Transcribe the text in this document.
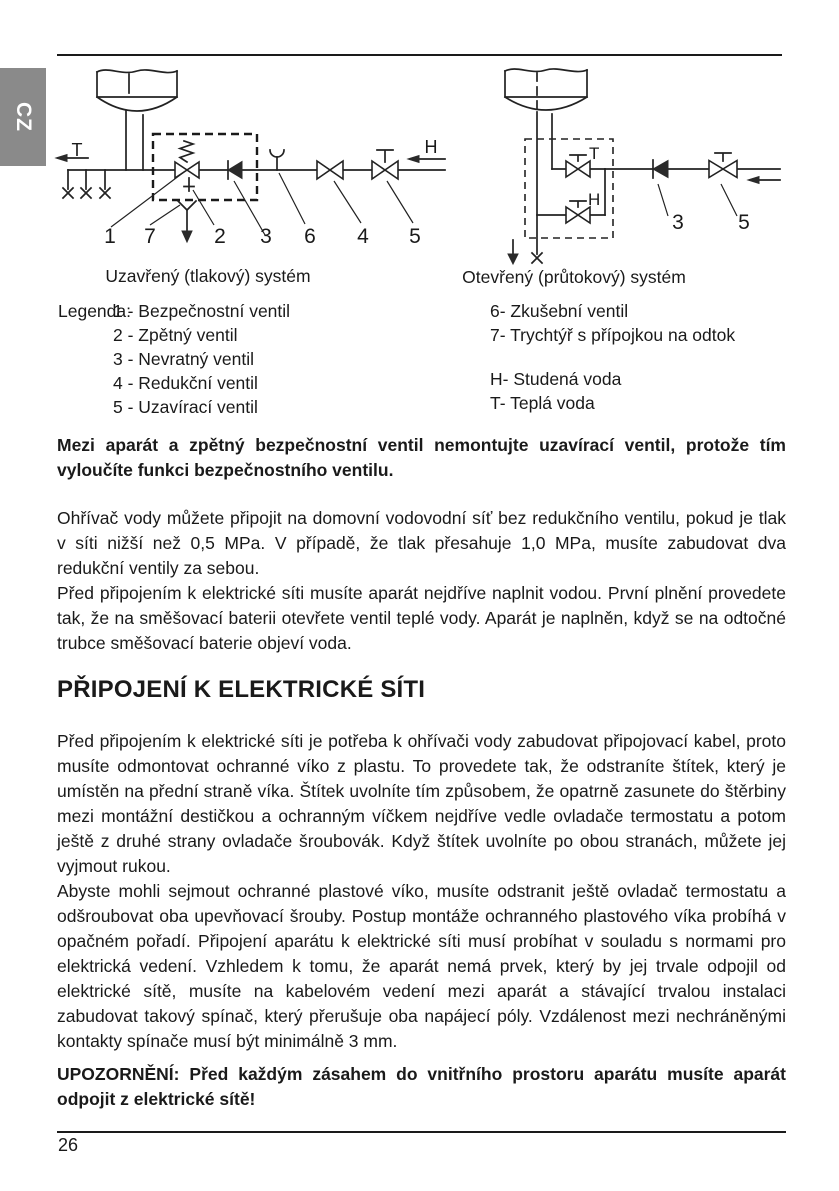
CZ
T	H
1 7	2 3 6 4 5
Uzavřený (tlakový) systém
T
H
3	5
Otevřený (průtokový) systém
Legenda:
1 - Bezpečnostní ventil
2 - Zpětný ventil
3 - Nevratný ventil
4 - Redukční ventil
5 - Uzavírací ventil
6- Zkušební ventil
7- Trychtýř s přípojkou na odtok
H- Studená voda
T- Teplá voda

Mezi aparát a zpětný bezpečnostní ventil nemontujte uzavírací ventil, protože tím vyloučíte funkci bezpečnostního ventilu.

Ohřívač vody můžete připojit na domovní vodovodní síť bez redukčního ventilu, pokud je tlak v síti nižší než 0,5 MPa. V případě, že tlak přesahuje 1,0 MPa, musíte zabudovat dva redukční ventily za sebou.

Před připojením k elektrické síti musíte aparát nejdříve naplnit vodou. První plnění provedete tak, že na směšovací baterii otevřete ventil teplé vody. Aparát je naplněn, když se na odtočné trubce směšovací baterie objeví voda.

PŘIPOJENÍ K ELEKTRICKÉ SÍTI

Před připojením k elektrické síti je potřeba k ohřívači vody zabudovat připojovací kabel, proto musíte odmontovat ochranné víko z plastu. To provedete tak, že odstraníte štítek, který je umístěn na přední straně víka. Štítek uvolníte tím způsobem, že opatrně zasunete do štěrbiny mezi montážní destičkou a ochranným víčkem nejdříve vedle ovladače termostatu a potom ještě z druhé strany ovladače šroubovák. Když štítek uvolníte po obou stranách, můžete jej vyjmout rukou.

Abyste mohli sejmout ochranné plastové víko, musíte odstranit ještě ovladač termostatu a odšroubovat oba upevňovací šrouby. Postup montáže ochranného plastového víka probíhá v opačném pořadí. Připojení aparátu k elektrické síti musí probíhat v souladu s normami pro elektrická vedení. Vzhledem k tomu, že aparát nemá prvek, který by jej trvale odpojil od elektrické sítě, musíte na kabelovém vedení mezi aparát a stávající trvalou instalaci zabudovat takový spínač, který přerušuje oba napájecí póly. Vzdálenost mezi nechráněnými kontakty spínače musí být minimálně 3 mm.

UPOZORNĚNÍ: Před každým zásahem do vnitřního prostoru aparátu musíte aparát odpojit z elektrické sítě!

26
